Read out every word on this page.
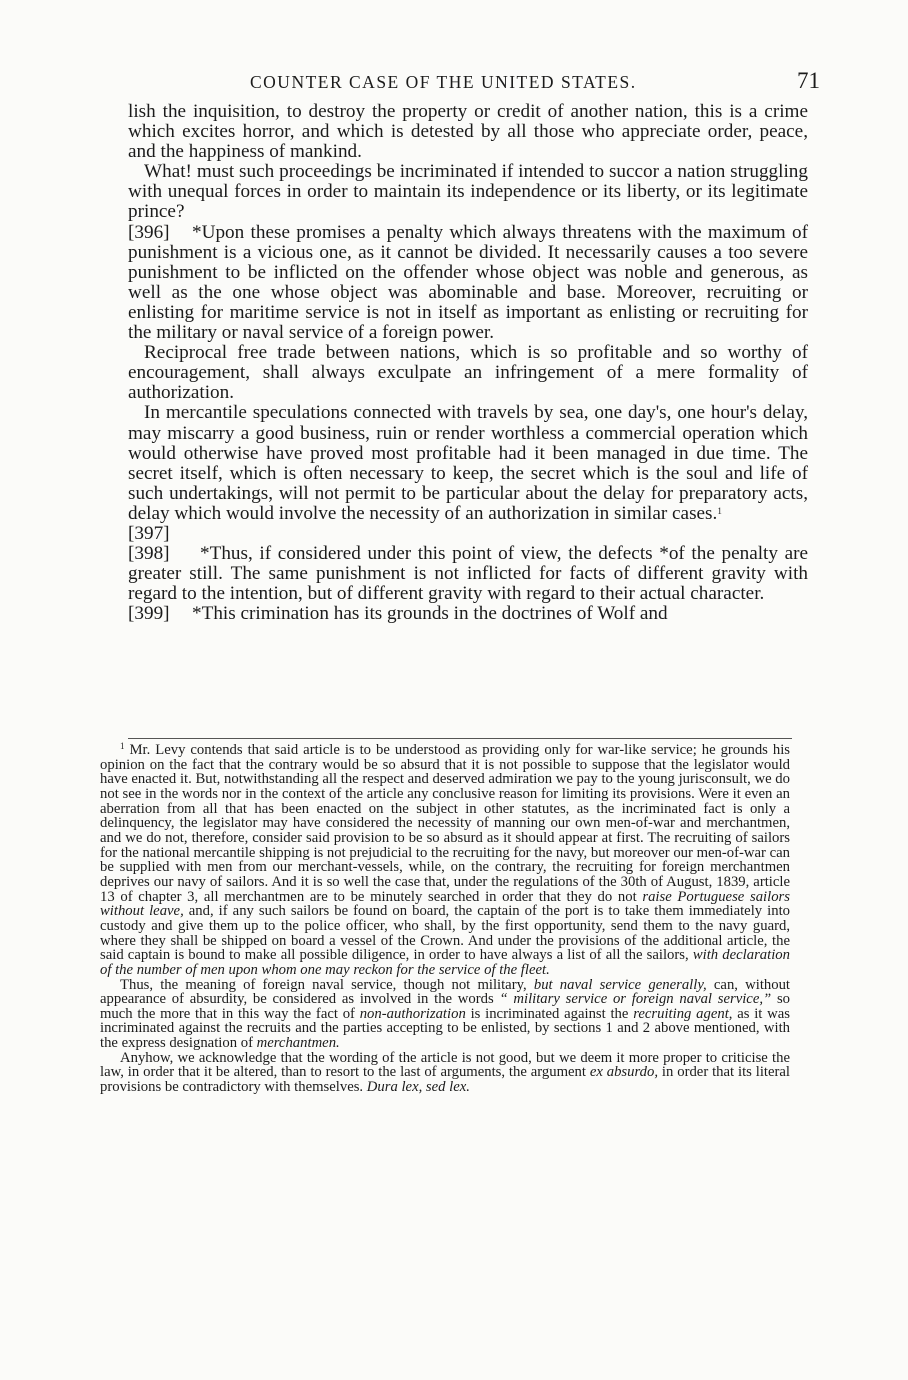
COUNTER CASE OF THE UNITED STATES.	71

lish the inquisition, to destroy the property or credit of another nation, this is a crime which excites horror, and which is detested by all those who appreciate order, peace, and the happiness of mankind.

What! must such proceedings be incriminated if intended to succor a nation struggling with unequal forces in order to maintain its independence or its liberty, or its legitimate prince?

[396] *Upon these promises a penalty which always threatens with the maximum of punishment is a vicious one, as it cannot be divided. It necessarily causes a too severe punishment to be inflicted on the offender whose object was noble and generous, as well as the one whose object was abominable and base. Moreover, recruiting or enlisting for maritime service is not in itself as important as enlisting or recruiting for the military or naval service of a foreign power.

Reciprocal free trade between nations, which is so profitable and so worthy of encouragement, shall always exculpate an infringement of a mere formality of authorization.

In mercantile speculations connected with travels by sea, one day's, one hour's delay, may miscarry a good business, ruin or render worthless a commercial operation which would otherwise have proved most profitable had it been managed in due time. The secret itself, which is often necessary to keep, the secret which is the soul and life of such undertakings, will not permit to be particular about the delay for preparatory acts, delay which would involve the necessity of an authorization in similar cases.$^1$

[397] [398] *Thus, if considered under this point of view, the defects *of the penalty are greater still. The same punishment is not inflicted for facts of different gravity with regard to the intention, but of different gravity with regard to their actual character.

[399] *This crimination has its grounds in the doctrines of Wolf and

$^1$ Mr. Levy contends that said article is to be understood as providing only for war-like service; he grounds his opinion on the fact that the contrary would be so absurd that it is not possible to suppose that the legislator would have enacted it. But, notwithstanding all the respect and deserved admiration we pay to the young jurisconsult, we do not see in the words nor in the context of the article any conclusive reason for limiting its provisions. Were it even an aberration from all that has been enacted on the subject in other statutes, as the incriminated fact is only a delinquency, the legislator may have considered the necessity of manning our own men-of-war and merchantmen, and we do not, therefore, consider said provision to be so absurd as it should appear at first. The recruiting of sailors for the national mercantile shipping is not prejudicial to the recruiting for the navy, but moreover our men-of-war can be supplied with men from our merchant-vessels, while, on the contrary, the recruiting for foreign merchantmen deprives our navy of sailors. And it is so well the case that, under the regulations of the 30th of August, 1839, article 13 of chapter 3, all merchantmen are to be minutely searched in order that they do not raise Portuguese sailors without leave, and, if any such sailors be found on board, the captain of the port is to take them immediately into custody and give them up to the police officer, who shall, by the first opportunity, send them to the navy guard, where they shall be shipped on board a vessel of the Crown. And under the provisions of the additional article, the said captain is bound to make all possible diligence, in order to have always a list of all the sailors, with declaration of the number of men upon whom one may reckon for the service of the fleet.

Thus, the meaning of foreign naval service, though not military, but naval service generally, can, without appearance of absurdity, be considered as involved in the words “ military service or foreign naval service,” so much the more that in this way the fact of non-authorization is incriminated against the recruiting agent, as it was incriminated against the recruits and the parties accepting to be enlisted, by sections 1 and 2 above mentioned, with the express designation of merchantmen.

Anyhow, we acknowledge that the wording of the article is not good, but we deem it more proper to criticise the law, in order that it be altered, than to resort to the last of arguments, the argument ex absurdo, in order that its literal provisions be contradictory with themselves. Dura lex, sed lex.
